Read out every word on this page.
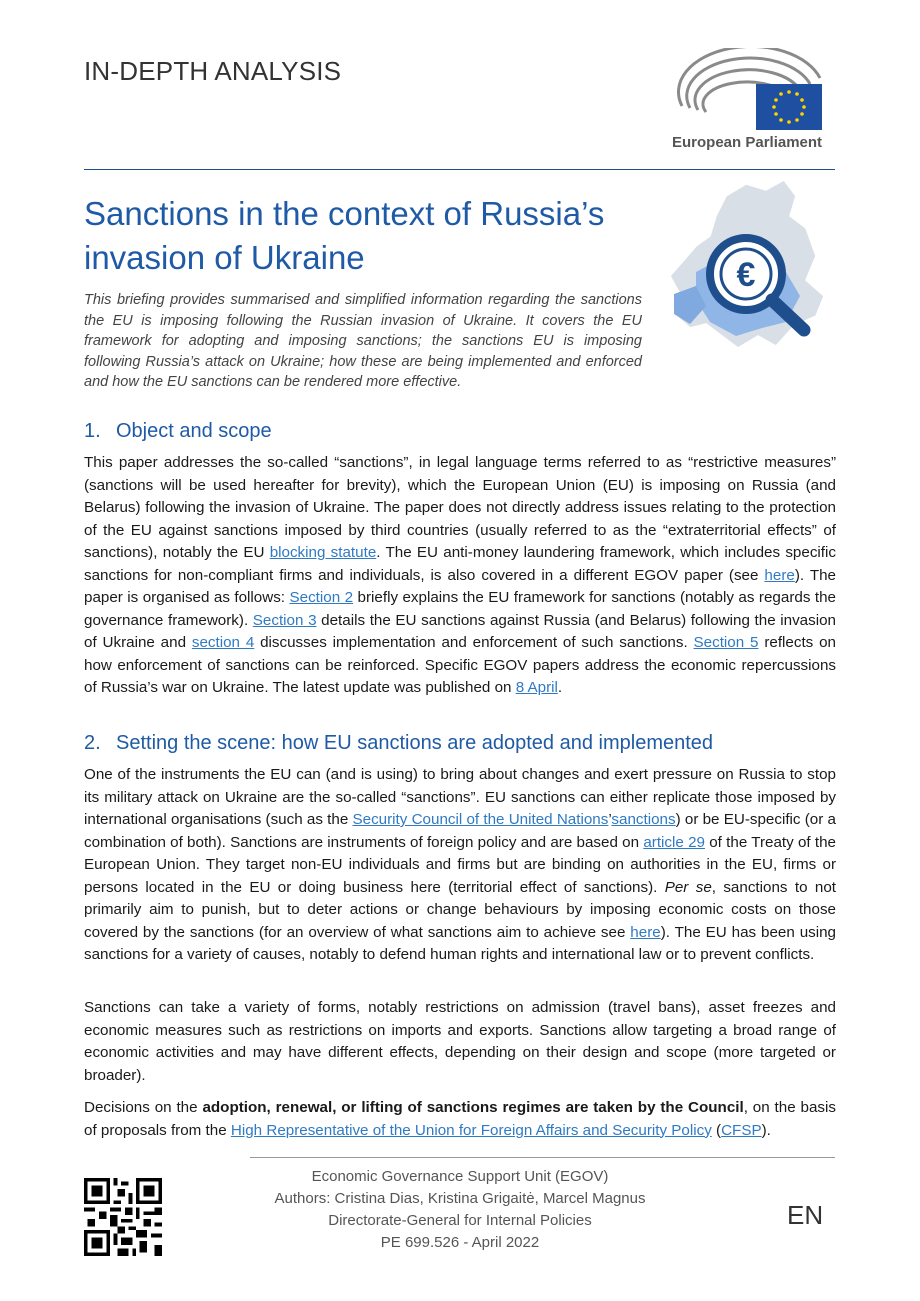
IN-DEPTH ANALYSIS
European Parliament
Sanctions in the context of Russia’s invasion of Ukraine	€
This briefing provides summarised and simplified information regarding the sanctions the EU is imposing following the Russian invasion of Ukraine. It covers the EU framework for adopting and imposing sanctions; the sanctions EU is imposing following Russia’s attack on Ukraine; how these are being implemented and enforced and how the EU sanctions can be rendered more effective.
1. Object and scope

This paper addresses the so-called “sanctions”, in legal language terms referred to as “restrictive measures” (sanctions will be used hereafter for brevity), which the European Union (EU) is imposing on Russia (and Belarus) following the invasion of Ukraine. The paper does not directly address issues relating to the protection of the EU against sanctions imposed by third countries (usually referred to as the “extraterritorial effects” of sanctions), notably the EU blocking statute. The EU anti-money laundering framework, which includes specific sanctions for non-compliant firms and individuals, is also covered in a different EGOV paper (see here). The paper is organised as follows: Section 2 briefly explains the EU framework for sanctions (notably as regards the governance framework). Section 3 details the EU sanctions against Russia (and Belarus) following the invasion of Ukraine and section 4 discusses implementation and enforcement of such sanctions. Section 5 reflects on how enforcement of sanctions can be reinforced. Specific EGOV papers address the economic repercussions of Russia’s war on Ukraine. The latest update was published on 8 April.

2. Setting the scene: how EU sanctions are adopted and implemented

One of the instruments the EU can (and is using) to bring about changes and exert pressure on Russia to stop its military attack on Ukraine are the so-called “sanctions”. EU sanctions can either replicate those imposed by international organisations (such as the Security Council of the United Nations’sanctions) or be EU-specific (or a combination of both). Sanctions are instruments of foreign policy and are based on article 29 of the Treaty of the European Union. They target non-EU individuals and firms but are binding on authorities in the EU, firms or persons located in the EU or doing business here (territorial effect of sanctions). Per se, sanctions to not primarily aim to punish, but to deter actions or change behaviours by imposing economic costs on those covered by the sanctions (for an overview of what sanctions aim to achieve see here). The EU has been using sanctions for a variety of causes, notably to defend human rights and international law or to prevent conflicts.

Sanctions can take a variety of forms, notably restrictions on admission (travel bans), asset freezes and economic measures such as restrictions on imports and exports. Sanctions allow targeting a broad range of economic activities and may have different effects, depending on their design and scope (more targeted or broader).

Decisions on the adoption, renewal, or lifting of sanctions regimes are taken by the Council, on the basis of proposals from the High Representative of the Union for Foreign Affairs and Security Policy (CFSP).

Economic Governance Support Unit (EGOV)
Authors: Cristina Dias, Kristina Grigaitė, Marcel Magnus
Directorate-General for Internal Policies
PE 699.526 - April 2022
EN
